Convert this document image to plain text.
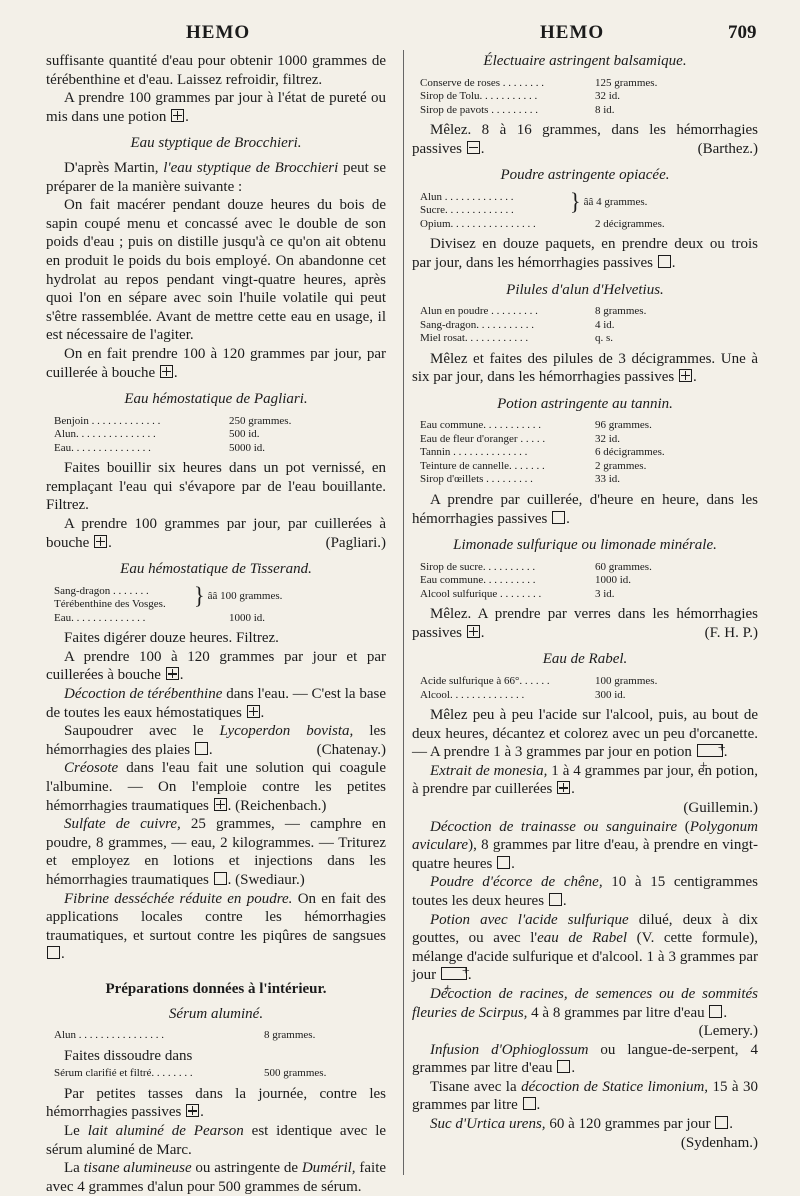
HEMO	HEMO	709

suffisante quantité d'eau pour obtenir 1000 grammes de térébenthine et d'eau. Laissez refroidir, filtrez.

A prendre 100 grammes par jour à l'état de pureté ou mis dans une potion .

Eau styptique de Brocchieri.

D'après Martin, l'eau styptique de Brocchieri peut se préparer de la manière suivante :

On fait macérer pendant douze heures du bois de sapin coupé menu et concassé avec le double de son poids d'eau ; puis on distille jusqu'à ce qu'on ait obtenu en produit le poids du bois employé. On abandonne cet hydrolat au repos pendant vingt-quatre heures, après quoi l'on en sépare avec soin l'huile volatile qui peut s'être rassemblée. Avant de mettre cette eau en usage, il est nécessaire de l'agiter.

On en fait prendre 100 à 120 grammes par jour, par cuillerée à bouche .

Eau hémostatique de Pagliari.
Benjoin . . . . . . . . . . . . .	250 grammes.
Alun. . . . . . . . . . . . . . .	500 id.
Eau. . . . . . . . . . . . . . .	5000 id.

Faites bouillir six heures dans un pot vernissé, en remplaçant l'eau qui s'évapore par de l'eau bouillante. Filtrez.

A prendre 100 grammes par jour, par cuillerées à bouche .	(Pagliari.)

Eau hémostatique de Tisserand.
Sang-dragon . . . . . . .
Térébenthine des Vosges.	} ââ 100 grammes.
Eau. . . . . . . . . . . . . .	1000 id.

Faites digérer douze heures. Filtrez.

A prendre 100 à 120 grammes par jour et par cuillerées à bouche .

Décoction de térébenthine dans l'eau. — C'est la base de toutes les eaux hémostatiques .

Saupoudrer avec le Lycoperdon bovista, les hémorrhagies des plaies .	(Chatenay.)

Créosote dans l'eau fait une solution qui coagule l'albumine. — On l'emploie contre les petites hémorrhagies traumatiques . (Reichenbach.)

Sulfate de cuivre, 25 grammes, — camphre en poudre, 8 grammes, — eau, 2 kilogrammes. — Triturez et employez en lotions et injections dans les hémorrhagies traumatiques . (Swediaur.)

Fibrine desséchée réduite en poudre. On en fait des applications locales contre les hémorrhagies traumatiques, et surtout contre les piqûres de sangsues .

Préparations données à l'intérieur.
Sérum aluminé.
Alun . . . . . . . . . . . . . . . .	8 grammes.

Faites dissoudre dans

Sérum clarifié et filtré. . . . . . . .	500 grammes.

Par petites tasses dans la journée, contre les hémorrhagies passives .

Le lait aluminé de Pearson est identique avec le sérum aluminé de Marc.

La tisane alumineuse ou astringente de Duméril, faite avec 4 grammes d'alun pour 500 grammes de sérum.

Électuaire astringent balsamique.
Conserve de roses . . . . . . . .	125 grammes.
Sirop de Tolu. . . . . . . . . . .	32 id.
Sirop de pavots . . . . . . . . .	8 id.

Mêlez. 8 à 16 grammes, dans les hémorrhagies passives .	(Barthez.)

Poudre astringente opiacée.
Alun . . . . . . . . . . . . .
Sucre. . . . . . . . . . . . .	} ââ 4 grammes.
Opium. . . . . . . . . . . . . . . .	2 décigrammes.

Divisez en douze paquets, en prendre deux ou trois par jour, dans les hémorrhagies passives .

Pilules d'alun d'Helvetius.
Alun en poudre . . . . . . . . .	8 grammes.
Sang-dragon. . . . . . . . . . .	4 id.
Miel rosat. . . . . . . . . . . .	q. s.

Mêlez et faites des pilules de 3 décigrammes. Une à six par jour, dans les hémorrhagies passives .

Potion astringente au tannin.
Eau commune. . . . . . . . . . .	96 grammes.
Eau de fleur d'oranger . . . . .	32 id.
Tannin . . . . . . . . . . . . . .	6 décigrammes.
Teinture de cannelle. . . . . . .	2 grammes.
Sirop d'œillets . . . . . . . . .	33 id.

A prendre par cuillerée, d'heure en heure, dans les hémorrhagies passives .

Limonade sulfurique ou limonade minérale.
Sirop de sucre. . . . . . . . . .	60 grammes.
Eau commune. . . . . . . . . .	1000 id.
Alcool sulfurique . . . . . . . .	3 id.

Mêlez. A prendre par verres dans les hémorrhagies passives .	(F. H. P.)

Eau de Rabel.
Acide sulfurique à 66°. . . . . .	100 grammes.
Alcool. . . . . . . . . . . . . .	300 id.

Mêlez peu à peu l'acide sur l'alcool, puis, au bout de deux heures, décantez et colorez avec un peu d'orcanette. — A prendre 1 à 3 grammes par jour en potion + + .

Extrait de monesia, 1 à 4 grammes par jour, en potion, à prendre par cuillerées .

(Guillemin.)

Décoction de trainasse ou sanguinaire (Polygonum aviculare), 8 grammes par litre d'eau, à prendre en vingt-quatre heures .

Poudre d'écorce de chêne, 10 à 15 centigrammes toutes les deux heures .

Potion avec l'acide sulfurique dilué, deux à dix gouttes, ou avec l'eau de Rabel (V. cette formule), mélange d'acide sulfurique et d'alcool. 1 à 3 grammes par jour + + .

Décoction de racines, de semences ou de sommités fleuries de Scirpus, 4 à 8 grammes par litre d'eau .

(Lemery.)

Infusion d'Ophioglossum ou langue-de-serpent, 4 grammes par litre d'eau .

Tisane avec la décoction de Statice limonium, 15 à 30 grammes par litre .

Suc d'Urtica urens, 60 à 120 grammes par jour .

(Sydenham.)
